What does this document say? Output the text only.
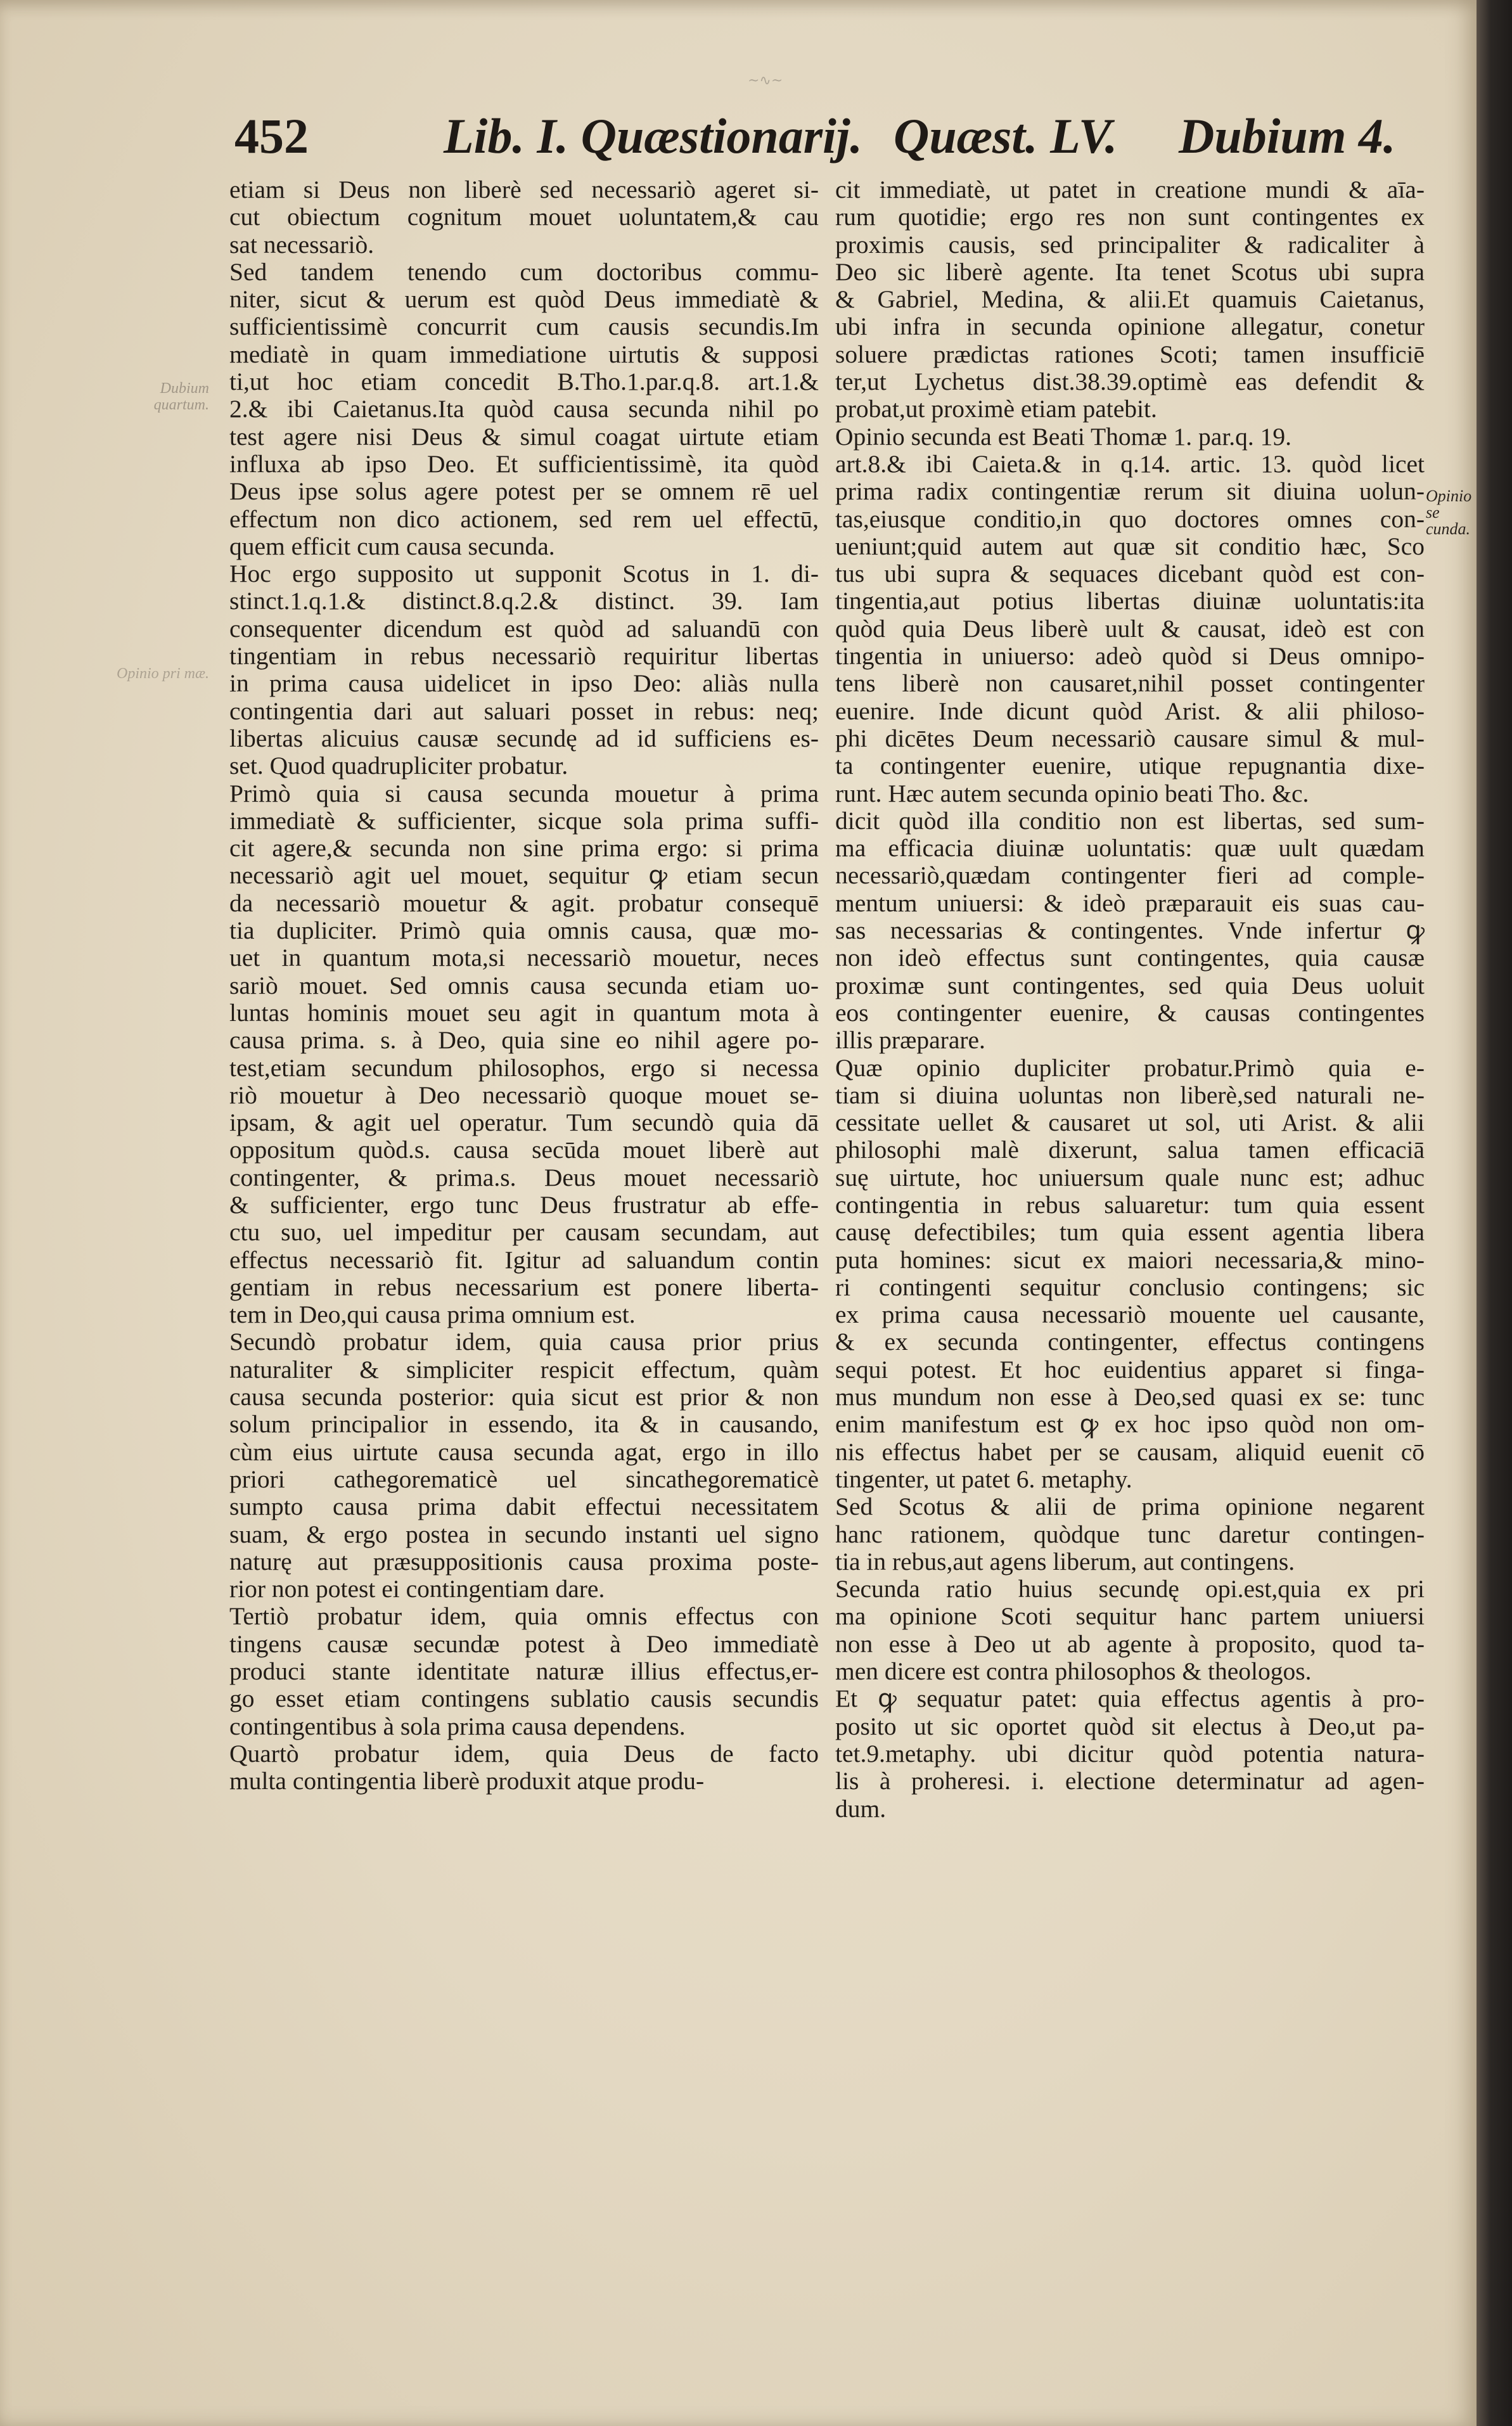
~∿~
452	Lib. I. Quæstionarij. Quæst. LV. Dubium 4.
Dubium quartum.
Opinio pri mæ.
Opinio se cunda.
etiam si Deus non liberè sed necessariò ageret si-
cut obiectum cognitum mouet uoluntatem,& cau
sat necessariò.
Sed tandem tenendo cum doctoribus commu-
niter, sicut & uerum est quòd Deus immediatè &
sufficientissimè concurrit cum causis secundis.Im
mediatè in quam immediatione uirtutis & supposi
ti,ut hoc etiam concedit B.Tho.1.par.q.8. art.1.&
2.& ibi Caietanus.Ita quòd causa secunda nihil po
test agere nisi Deus & simul coagat uirtute etiam
influxa ab ipso Deo. Et sufficientissimè, ita quòd
Deus ipse solus agere potest per se omnem rē uel
effectum non dico actionem, sed rem uel effectū,
quem efficit cum causa secunda.
Hoc ergo supposito ut supponit Scotus in 1. di-
stinct.1.q.1.& distinct.8.q.2.& distinct. 39. Iam
consequenter dicendum est quòd ad saluandū con
tingentiam in rebus necessariò requiritur libertas
in prima causa uidelicet in ipso Deo: aliàs nulla
contingentia dari aut saluari posset in rebus: neq;
libertas alicuius causæ secundę ad id sufficiens es-
set. Quod quadrupliciter probatur.
Primò quia si causa secunda mouetur à prima
immediatè & sufficienter, sicque sola prima suffi-
cit agere,& secunda non sine prima ergo: si prima
necessariò agit uel mouet, sequitur ꝙ etiam secun
da necessariò mouetur & agit. probatur consequē
tia dupliciter. Primò quia omnis causa, quæ mo-
uet in quantum mota,si necessariò mouetur, neces
sariò mouet. Sed omnis causa secunda etiam uo-
luntas hominis mouet seu agit in quantum mota à
causa prima. s. à Deo, quia sine eo nihil agere po-
test,etiam secundum philosophos, ergo si necessa
riò mouetur à Deo necessariò quoque mouet se-
ipsam, & agit uel operatur. Tum secundò quia dā
oppositum quòd.s. causa secūda mouet liberè aut
contingenter, & prima.s. Deus mouet necessariò
& sufficienter, ergo tunc Deus frustratur ab effe-
ctu suo, uel impeditur per causam secundam, aut
effectus necessariò fit. Igitur ad saluandum contin
gentiam in rebus necessarium est ponere liberta-
tem in Deo,qui causa prima omnium est.
Secundò probatur idem, quia causa prior prius
naturaliter & simpliciter respicit effectum, quàm
causa secunda posterior: quia sicut est prior & non
solum principalior in essendo, ita & in causando,
cùm eius uirtute causa secunda agat, ergo in illo
priori cathegorematicè uel sincathegorematicè
sumpto causa prima dabit effectui necessitatem
suam, & ergo postea in secundo instanti uel signo
naturę aut præsuppositionis causa proxima poste-
rior non potest ei contingentiam dare.
Tertiò probatur idem, quia omnis effectus con
tingens causæ secundæ potest à Deo immediatè
produci stante identitate naturæ illius effectus,er-
go esset etiam contingens sublatio causis secundis
contingentibus à sola prima causa dependens.
Quartò probatur idem, quia Deus de facto
multa contingentia liberè produxit atque produ-
cit immediatè, ut patet in creatione mundi & aīa-
rum quotidie; ergo res non sunt contingentes ex
proximis causis, sed principaliter & radicaliter à
Deo sic liberè agente. Ita tenet Scotus ubi supra
& Gabriel, Medina, & alii.Et quamuis Caietanus,
ubi infra in secunda opinione allegatur, conetur
soluere prædictas rationes Scoti; tamen insufficiē
ter,ut Lychetus dist.38.39.optimè eas defendit &
probat,ut proximè etiam patebit.
Opinio secunda est Beati Thomæ 1. par.q. 19.
art.8.& ibi Caieta.& in q.14. artic. 13. quòd licet
prima radix contingentiæ rerum sit diuina uolun-
tas,eiusque conditio,in quo doctores omnes con-
ueniunt;quid autem aut quæ sit conditio hæc, Sco
tus ubi supra & sequaces dicebant quòd est con-
tingentia,aut potius libertas diuinæ uoluntatis:ita
quòd quia Deus liberè uult & causat, ideò est con
tingentia in uniuerso: adeò quòd si Deus omnipo-
tens liberè non causaret,nihil posset contingenter
euenire. Inde dicunt quòd Arist. & alii philoso-
phi dicētes Deum necessariò causare simul & mul-
ta contingenter euenire, utique repugnantia dixe-
runt. Hæc autem secunda opinio beati Tho. &c.
dicit quòd illa conditio non est libertas, sed sum-
ma efficacia diuinæ uoluntatis: quæ uult quædam
necessariò,quædam contingenter fieri ad comple-
mentum uniuersi: & ideò præparauit eis suas cau-
sas necessarias & contingentes. Vnde infertur ꝙ
non ideò effectus sunt contingentes, quia causæ
proximæ sunt contingentes, sed quia Deus uoluit
eos contingenter euenire, & causas contingentes
illis præparare.
Quæ opinio dupliciter probatur.Primò quia e-
tiam si diuina uoluntas non liberè,sed naturali ne-
cessitate uellet & causaret ut sol, uti Arist. & alii
philosophi malè dixerunt, salua tamen efficaciā
suę uirtute, hoc uniuersum quale nunc est; adhuc
contingentia in rebus saluaretur: tum quia essent
causę defectibiles; tum quia essent agentia libera
puta homines: sicut ex maiori necessaria,& mino-
ri contingenti sequitur conclusio contingens; sic
ex prima causa necessariò mouente uel causante,
& ex secunda contingenter, effectus contingens
sequi potest. Et hoc euidentius apparet si finga-
mus mundum non esse à Deo,sed quasi ex se: tunc
enim manifestum est ꝙ ex hoc ipso quòd non om-
nis effectus habet per se causam, aliquid euenit cō
tingenter, ut patet 6. metaphy.
Sed Scotus & alii de prima opinione negarent
hanc rationem, quòdque tunc daretur contingen-
tia in rebus,aut agens liberum, aut contingens.
Secunda ratio huius secundę opi.est,quia ex pri
ma opinione Scoti sequitur hanc partem uniuersi
non esse à Deo ut ab agente à proposito, quod ta-
men dicere est contra philosophos & theologos.
Et ꝙ sequatur patet: quia effectus agentis à pro-
posito ut sic oportet quòd sit electus à Deo,ut pa-
tet.9.metaphy. ubi dicitur quòd potentia natura-
lis à proheresi. i. electione determinatur ad agen-
dum.
